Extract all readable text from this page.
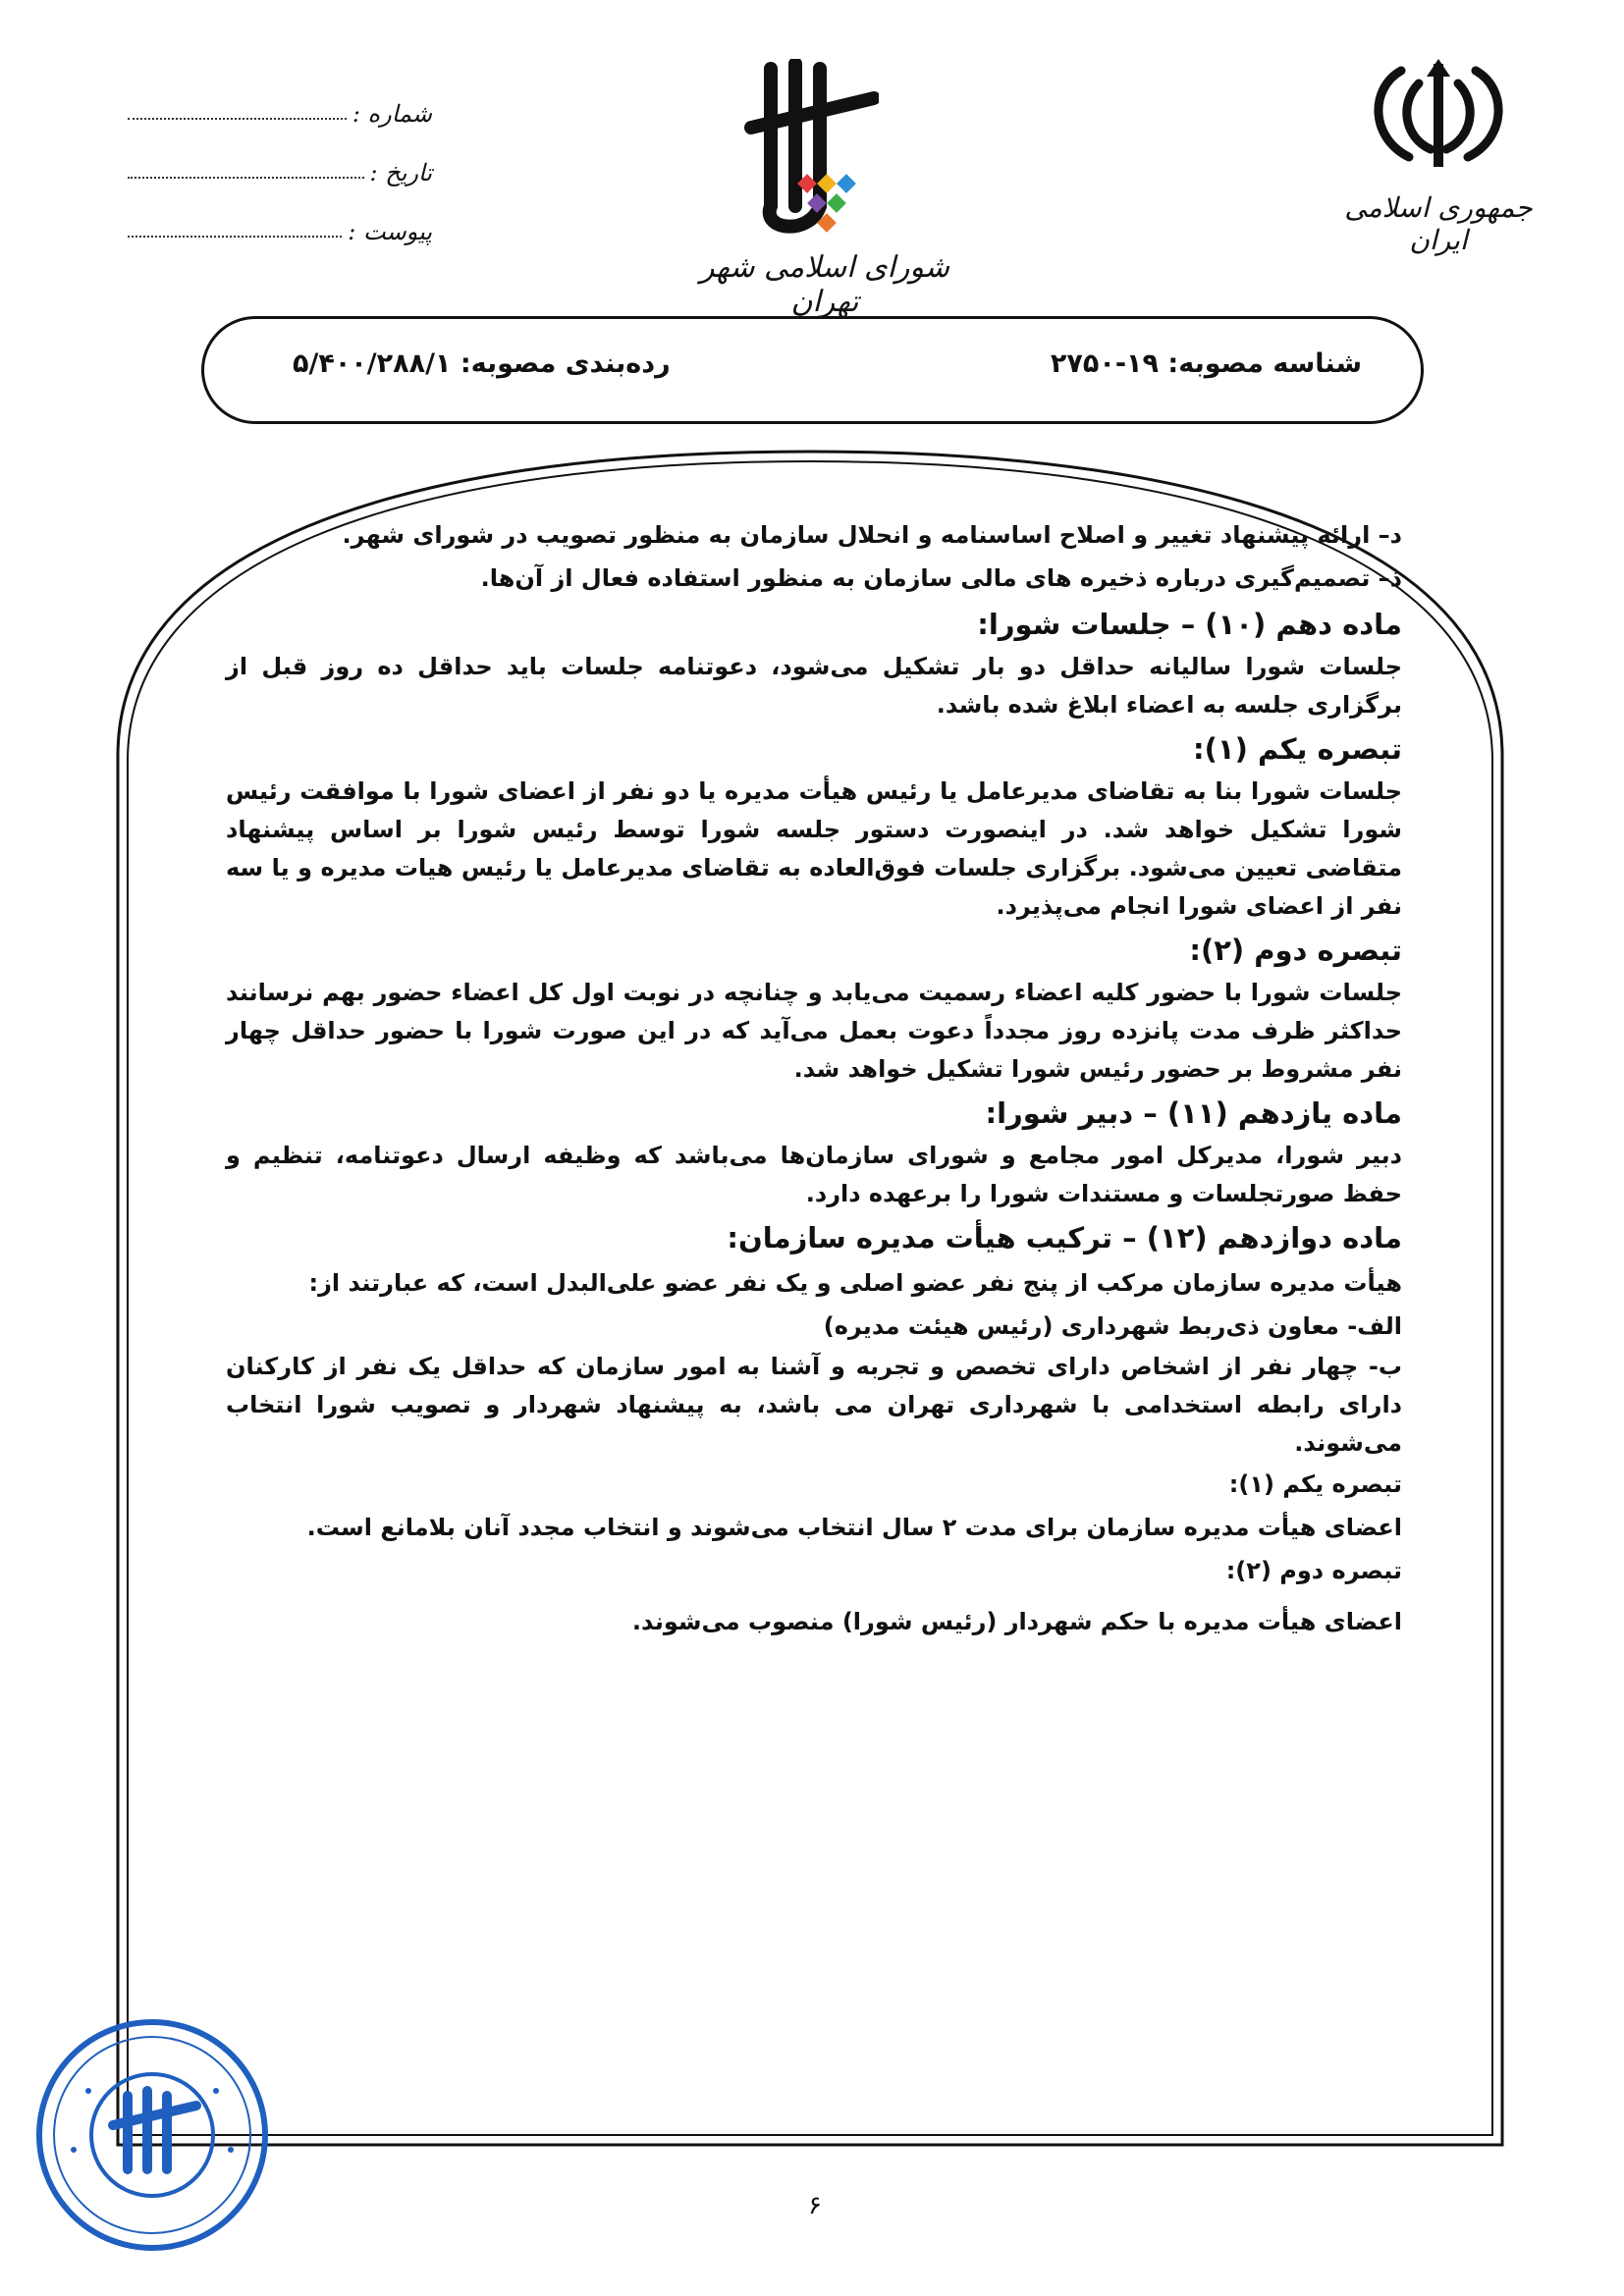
جمهوری اسلامی ایران
شورای اسلامی شهر تهران
شماره :
تاریخ :
پیوست :
شناسه مصوبه: ۱۹-۲۷۵۰
رده‌بندی مصوبه: ۵/۴۰۰/۲۸۸/۱

د– ارائه پیشنهاد تغییر و اصلاح اساسنامه و انحلال سازمان به منظور تصویب در شورای شهر.

ذ– تصمیم‌گیری درباره ذخیره های مالی سازمان به منظور استفاده فعال از آن‌ها.

ماده دهم (۱۰) – جلسات شورا:

جلسات شورا سالیانه حداقل دو بار تشکیل می‌شود، دعوتنامه جلسات باید حداقل ده روز قبل از برگزاری جلسه به اعضاء ابلاغ شده باشد.

تبصره یکم (۱):

جلسات شورا بنا به تقاضای مدیرعامل یا رئیس هیأت مدیره یا دو نفر از اعضای شورا با موافقت رئیس شورا تشکیل خواهد شد. در اینصورت دستور جلسه شورا توسط رئیس شورا بر اساس پیشنهاد متقاضی تعیین می‌شود. برگزاری جلسات فوق‌العاده به تقاضای مدیرعامل یا رئیس هیات مدیره و یا سه نفر از اعضای شورا انجام می‌پذیرد.

تبصره دوم (۲):

جلسات شورا با حضور کلیه اعضاء رسمیت می‌یابد و چنانچه در نوبت اول کل اعضاء حضور بهم نرسانند حداکثر ظرف مدت پانزده روز مجدداً دعوت بعمل می‌آید که در این صورت شورا با حضور حداقل چهار نفر مشروط بر حضور رئیس شورا تشکیل خواهد شد.

ماده یازدهم (۱۱) – دبیر شورا:

دبیر شورا، مدیرکل امور مجامع و شورای سازمان‌ها می‌باشد که وظیفه ارسال دعوتنامه، تنظیم و حفظ صورتجلسات و مستندات شورا را برعهده دارد.

ماده دوازدهم (۱۲) – ترکیب هیأت مدیره سازمان:

هیأت مدیره سازمان مرکب از پنج نفر عضو اصلی و یک نفر عضو علی‌البدل است، که عبارتند از:

الف- معاون ذی‌ربط شهرداری (رئیس هیئت مدیره)

ب- چهار نفر از اشخاص دارای تخصص و تجربه و آشنا به امور سازمان که حداقل یک نفر از کارکنان دارای رابطه استخدامی با شهرداری تهران می باشد، به پیشنهاد شهردار و تصویب شورا انتخاب می‌شوند.

تبصره یکم (۱):

اعضای هیأت مدیره سازمان برای مدت ۲ سال انتخاب می‌شوند و انتخاب مجدد آنان بلامانع است.

تبصره دوم (۲):

اعضای هیأت مدیره با حکم شهردار (رئیس شورا) منصوب می‌شوند.

۶
